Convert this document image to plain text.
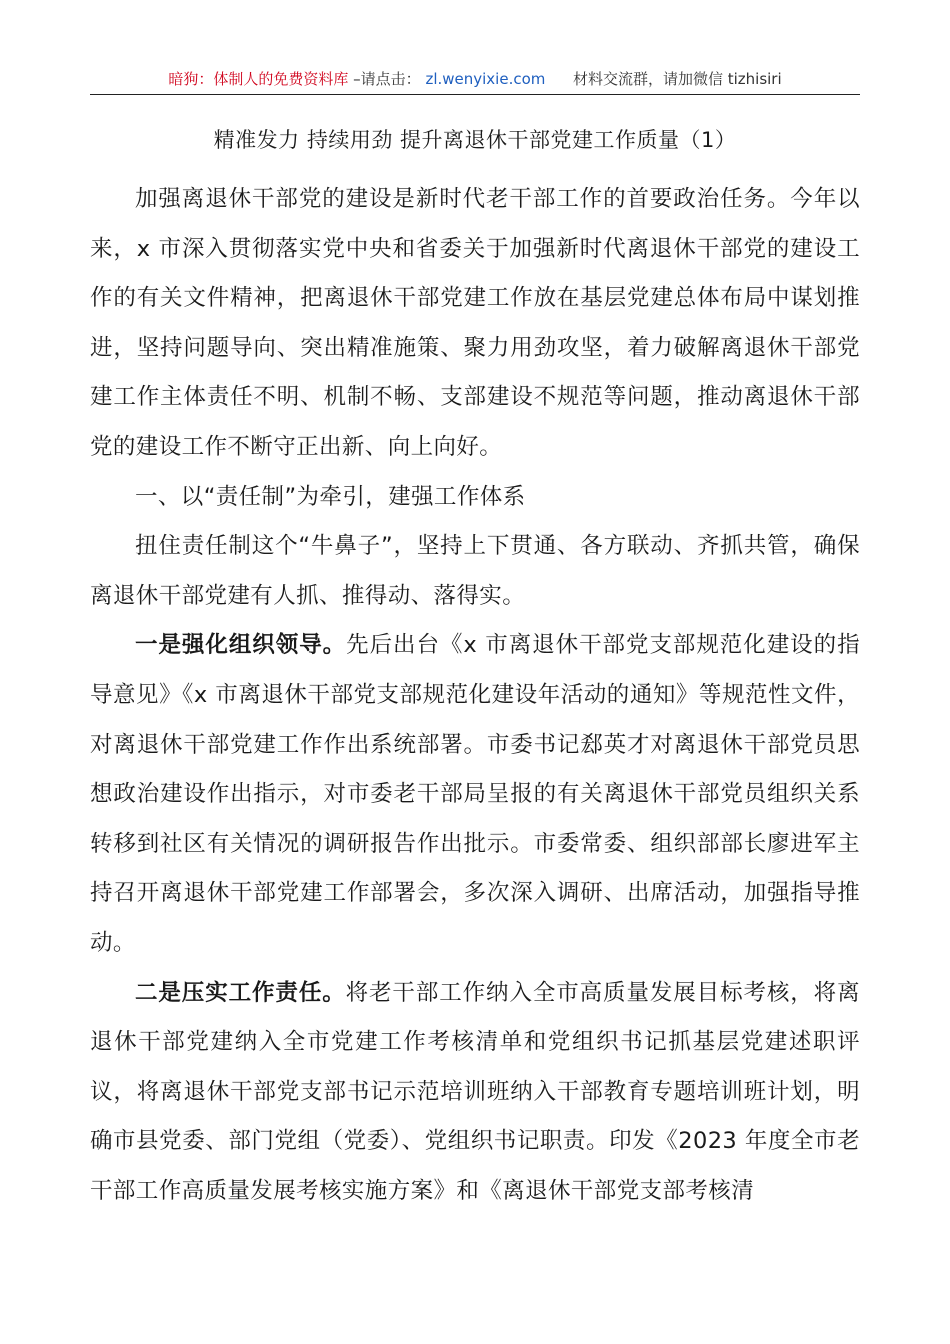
暗狗：体制人的免费资料库 –请点击： zl.wenyixie.com 材料交流群，请加微信 tizhisiri
精准发力 持续用劲 提升离退休干部党建工作质量（1）

加强离退休干部党的建设是新时代老干部工作的首要政治任务。今年以来，x 市深入贯彻落实党中央和省委关于加强新时代离退休干部党的建设工作的有关文件精神，把离退休干部党建工作放在基层党建总体布局中谋划推进，坚持问题导向、突出精准施策、聚力用劲攻坚，着力破解离退休干部党建工作主体责任不明、机制不畅、支部建设不规范等问题，推动离退休干部党的建设工作不断守正出新、向上向好。

一、以“责任制”为牵引，建强工作体系

扭住责任制这个“牛鼻子”，坚持上下贯通、各方联动、齐抓共管，确保离退休干部党建有人抓、推得动、落得实。

一是强化组织领导。先后出台《x 市离退休干部党支部规范化建设的指导意见》《x 市离退休干部党支部规范化建设年活动的通知》等规范性文件，对离退休干部党建工作作出系统部署。市委书记郄英才对离退休干部党员思想政治建设作出指示，对市委老干部局呈报的有关离退休干部党员组织关系转移到社区有关情况的调研报告作出批示。市委常委、组织部部长廖进军主持召开离退休干部党建工作部署会，多次深入调研、出席活动，加强指导推动。

二是压实工作责任。将老干部工作纳入全市高质量发展目标考核，将离退休干部党建纳入全市党建工作考核清单和党组织书记抓基层党建述职评议，将离退休干部党支部书记示范培训班纳入干部教育专题培训班计划，明确市县党委、部门党组（党委）、党组织书记职责。印发《2023 年度全市老干部工作高质量发展考核实施方案》和《离退休干部党支部考核清
